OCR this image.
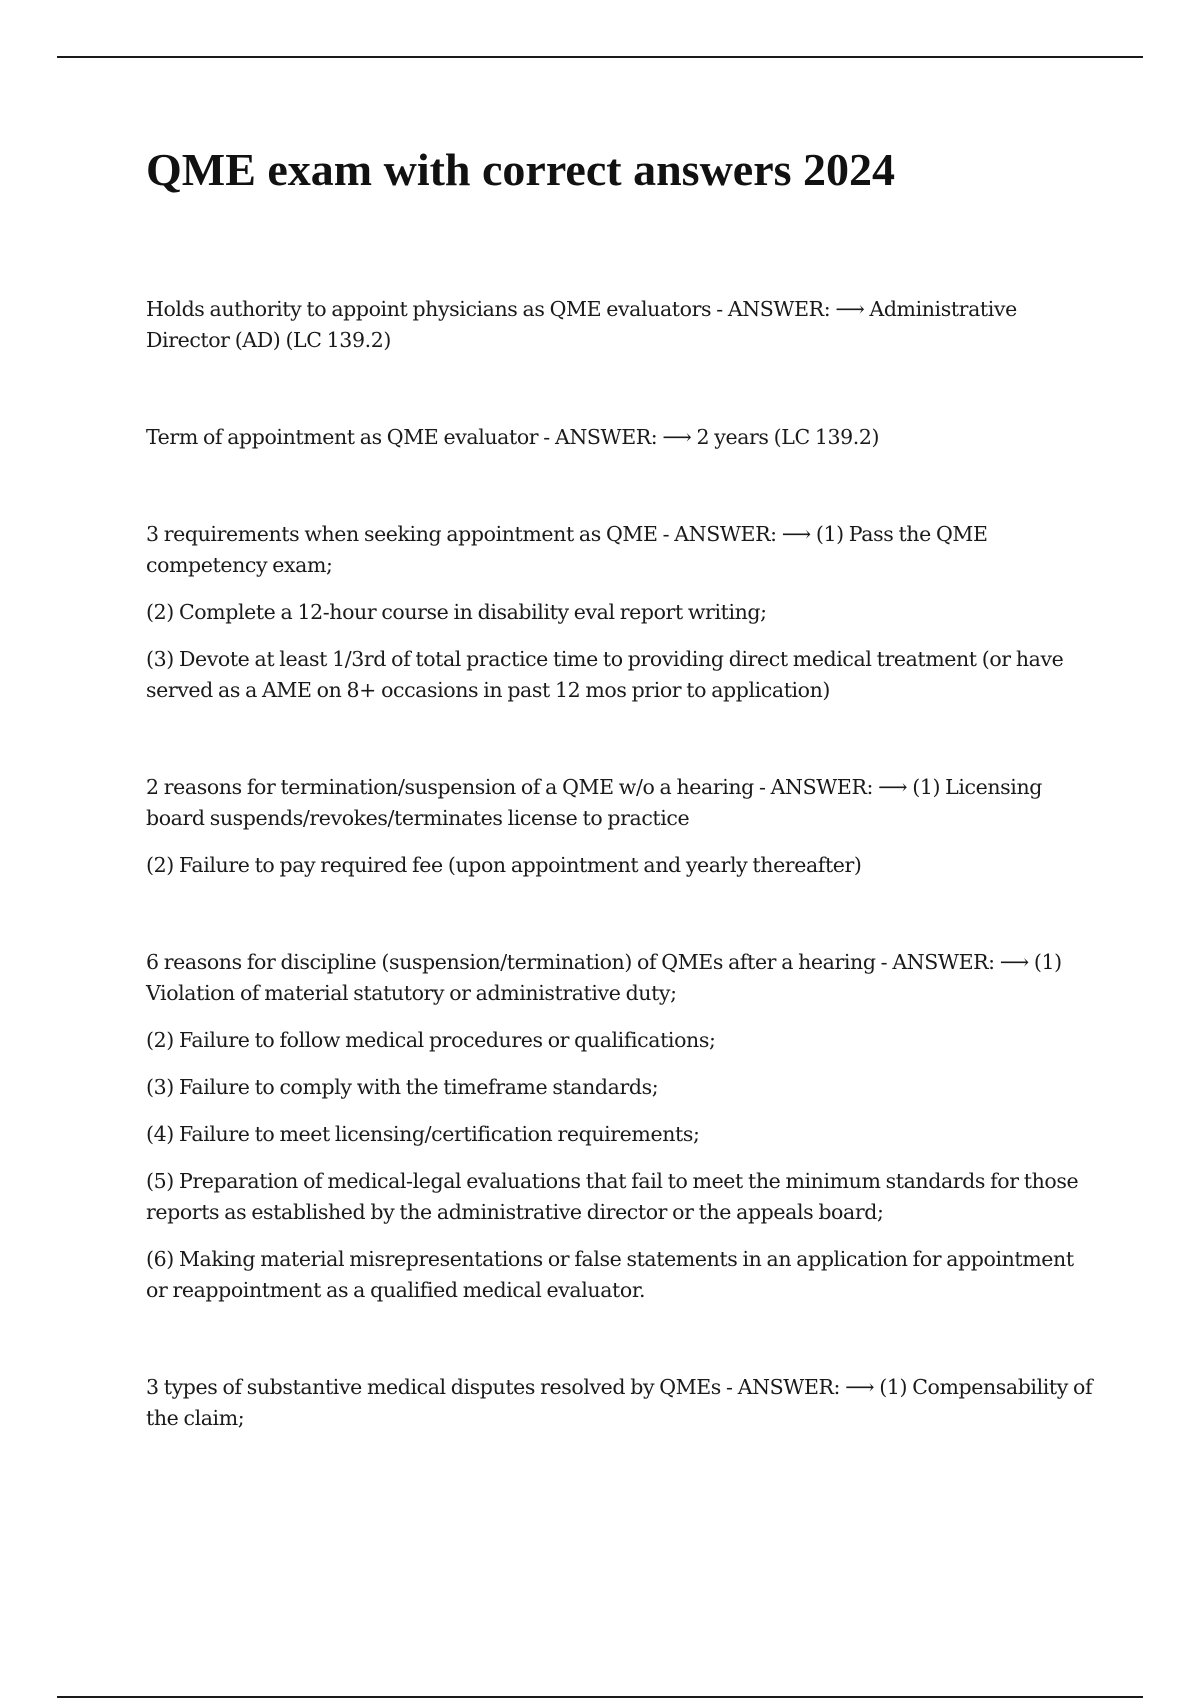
QME exam with correct answers 2024

Holds authority to appoint physicians as QME evaluators - ANSWER: ⟶ Administrative Director (AD) (LC 139.2)

Term of appointment as QME evaluator - ANSWER: ⟶ 2 years (LC 139.2)

3 requirements when seeking appointment as QME - ANSWER: ⟶ (1) Pass the QME competency exam;

(2) Complete a 12-hour course in disability eval report writing;

(3) Devote at least 1/3rd of total practice time to providing direct medical treatment (or have served as a AME on 8+ occasions in past 12 mos prior to application)

2 reasons for termination/suspension of a QME w/o a hearing - ANSWER: ⟶ (1) Licensing board suspends/revokes/terminates license to practice

(2) Failure to pay required fee (upon appointment and yearly thereafter)

6 reasons for discipline (suspension/termination) of QMEs after a hearing - ANSWER: ⟶ (1) Violation of material statutory or administrative duty;

(2) Failure to follow medical procedures or qualifications;

(3) Failure to comply with the timeframe standards;

(4) Failure to meet licensing/certification requirements;

(5) Preparation of medical-legal evaluations that fail to meet the minimum standards for those reports as established by the administrative director or the appeals board;

(6) Making material misrepresentations or false statements in an application for appointment or reappointment as a qualified medical evaluator.

3 types of substantive medical disputes resolved by QMEs - ANSWER: ⟶ (1) Compensability of the claim;
